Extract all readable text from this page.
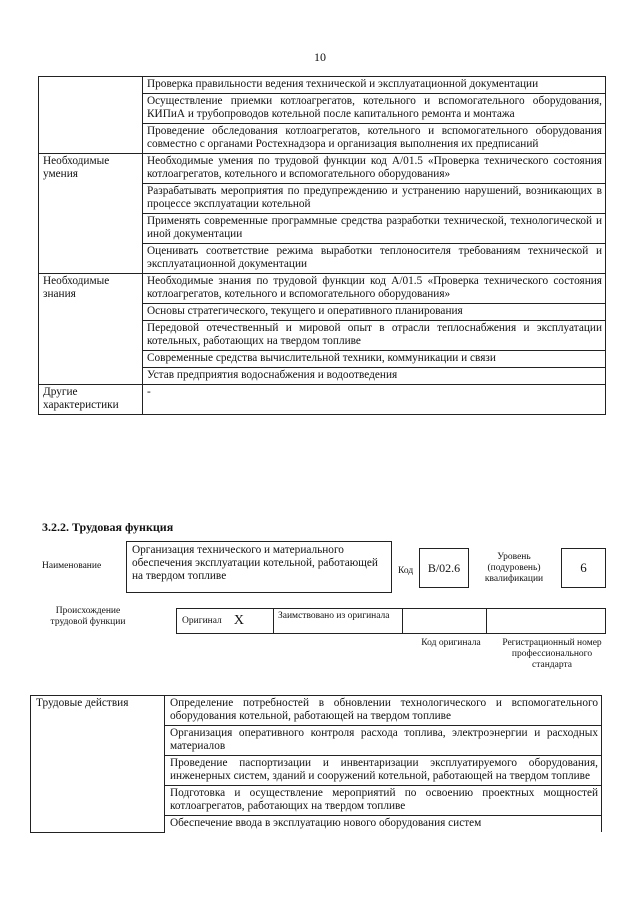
10
	Проверка правильности ведения технической и эксплуатационной документации
	Осуществление приемки котлоагрегатов, котельного и вспомогательного оборудования, КИПиА и трубопроводов котельной после капитального ремонта и монтажа
	Проведение обследования котлоагрегатов, котельного и вспомогательного оборудования совместно с органами Ростехнадзора и организация выполнения их предписаний
Необходимые умения	Необходимые умения по трудовой функции код А/01.5 «Проверка технического состояния котлоагрегатов, котельного и вспомогательного оборудования»
	Разрабатывать мероприятия по предупреждению и устранению нарушений, возникающих в процессе эксплуатации котельной
	Применять современные программные средства разработки технической, технологической и иной документации
	Оценивать соответствие режима выработки теплоносителя требованиям технической и эксплуатационной документации
Необходимые знания	Необходимые знания по трудовой функции код А/01.5 «Проверка технического состояния котлоагрегатов, котельного и вспомогательного оборудования»
	Основы стратегического, текущего и оперативного планирования
	Передовой отечественный и мировой опыт в отрасли теплоснабжения и эксплуатации котельных, работающих на твердом топливе
	Современные средства вычислительной техники, коммуникации и связи
	Устав предприятия водоснабжения и водоотведения
Другие характеристики	-
3.2.2. Трудовая функция
Наименование
Организация технического и материального обеспечения эксплуатации котельной, работающей на твердом топливе	Код	В/02.6
Уровень (подуровень) квалификации
6
Происхождение трудовой функции	Оригинал X	Заимствовано из оригинала
Код оригинала	Регистрационный номер профессионального стандарта
Трудовые действия	Определение потребностей в обновлении технологического и вспомогательного оборудования котельной, работающей на твердом топливе
Организация оперативного контроля расхода топлива, электроэнергии и расходных материалов
Проведение паспортизации и инвентаризации эксплуатируемого оборудования, инженерных систем, зданий и сооружений котельной, работающей на твердом топливе
Подготовка и осуществление мероприятий по освоению проектных мощностей котлоагрегатов, работающих на твердом топливе
Обеспечение ввода в эксплуатацию нового оборудования систем
